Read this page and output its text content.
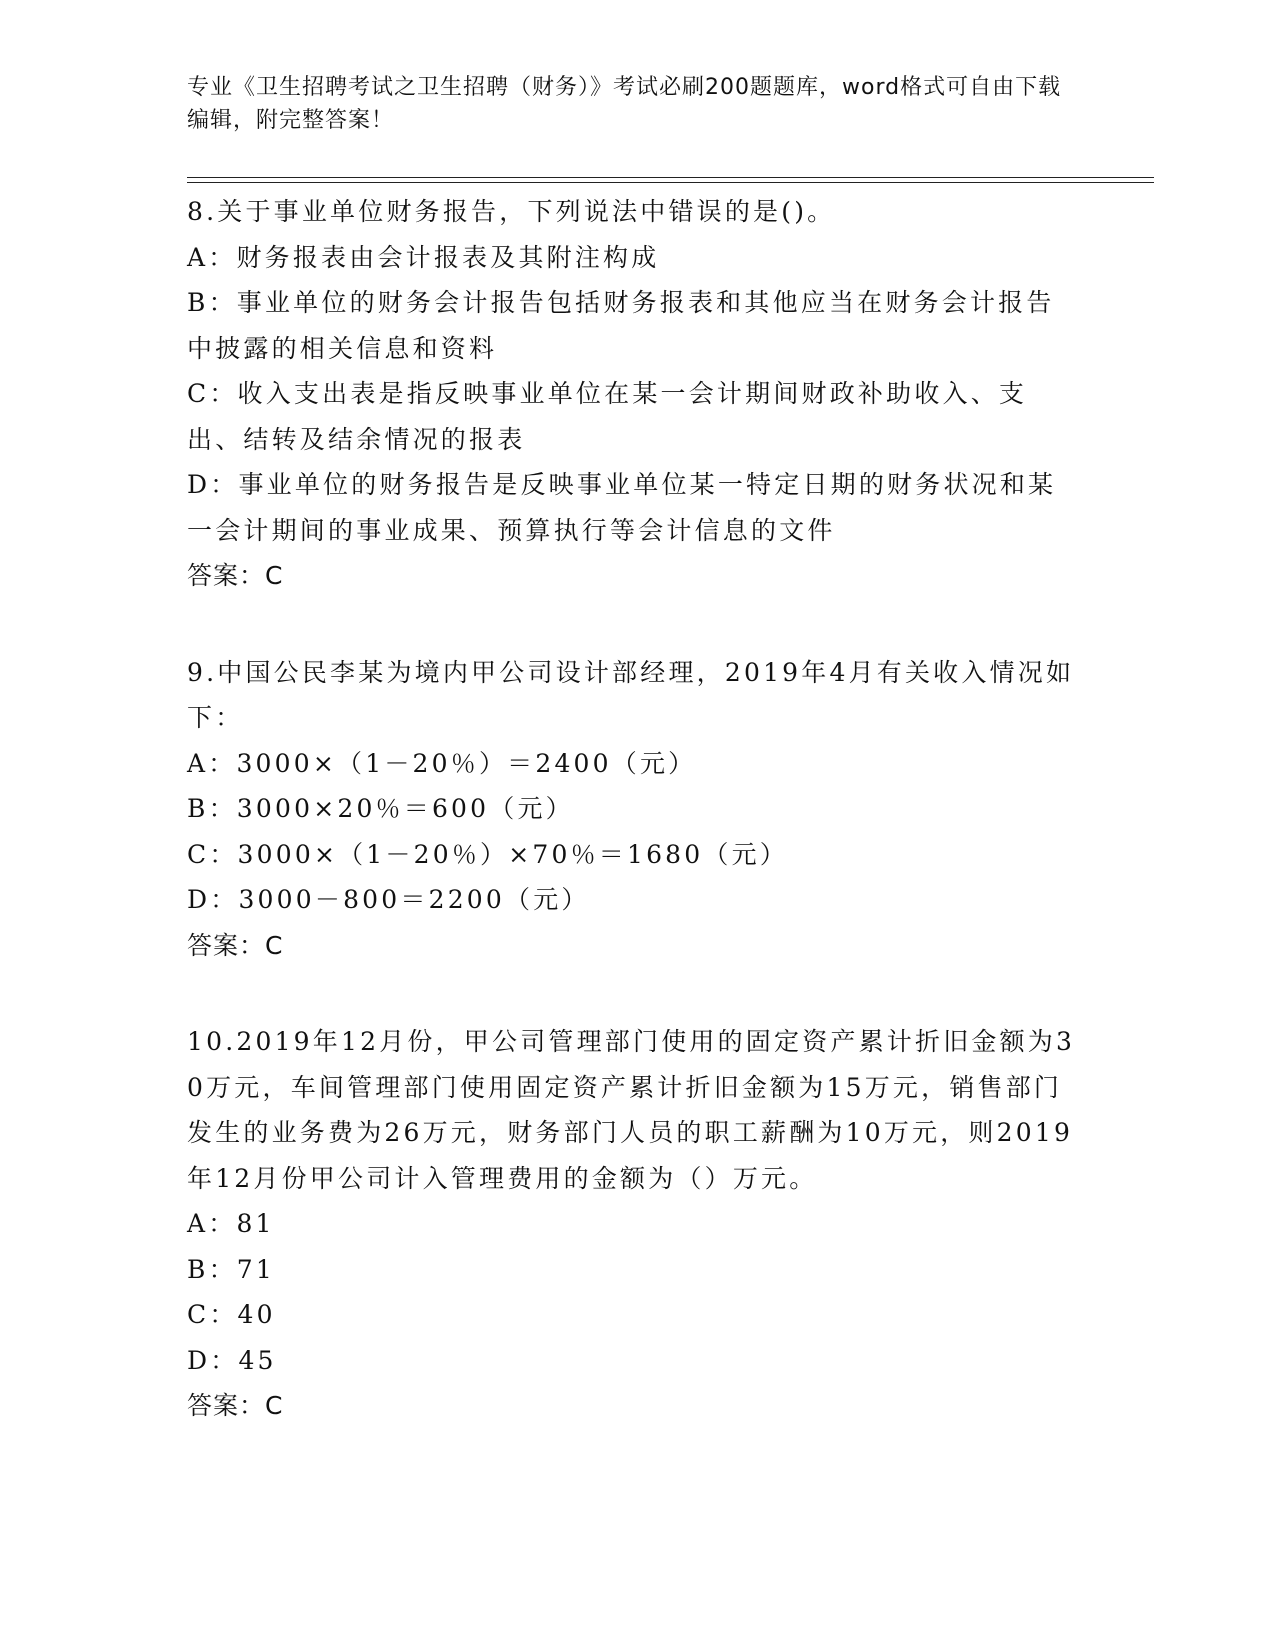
专业《卫生招聘考试之卫生招聘（财务）》考试必刷200题题库，word格式可自由下载编辑，附完整答案！
8.关于事业单位财务报告，下列说法中错误的是()。
A：财务报表由会计报表及其附注构成
B：事业单位的财务会计报告包括财务报表和其他应当在财务会计报告中披露的相关信息和资料
C：收入支出表是指反映事业单位在某一会计期间财政补助收入、支出、结转及结余情况的报表
D：事业单位的财务报告是反映事业单位某一特定日期的财务状况和某一会计期间的事业成果、预算执行等会计信息的文件
答案：C
9.中国公民李某为境内甲公司设计部经理，2019年4月有关收入情况如下：
A：3000×（1－20％）＝2400（元）
B：3000×20％＝600（元）
C：3000×（1－20％）×70％＝1680（元）
D：3000－800＝2200（元）
答案：C
10.2019年12月份，甲公司管理部门使用的固定资产累计折旧金额为30万元，车间管理部门使用固定资产累计折旧金额为15万元，销售部门发生的业务费为26万元，财务部门人员的职工薪酬为10万元，则2019年12月份甲公司计入管理费用的金额为（）万元。
A：81
B：71
C：40
D：45
答案：C
